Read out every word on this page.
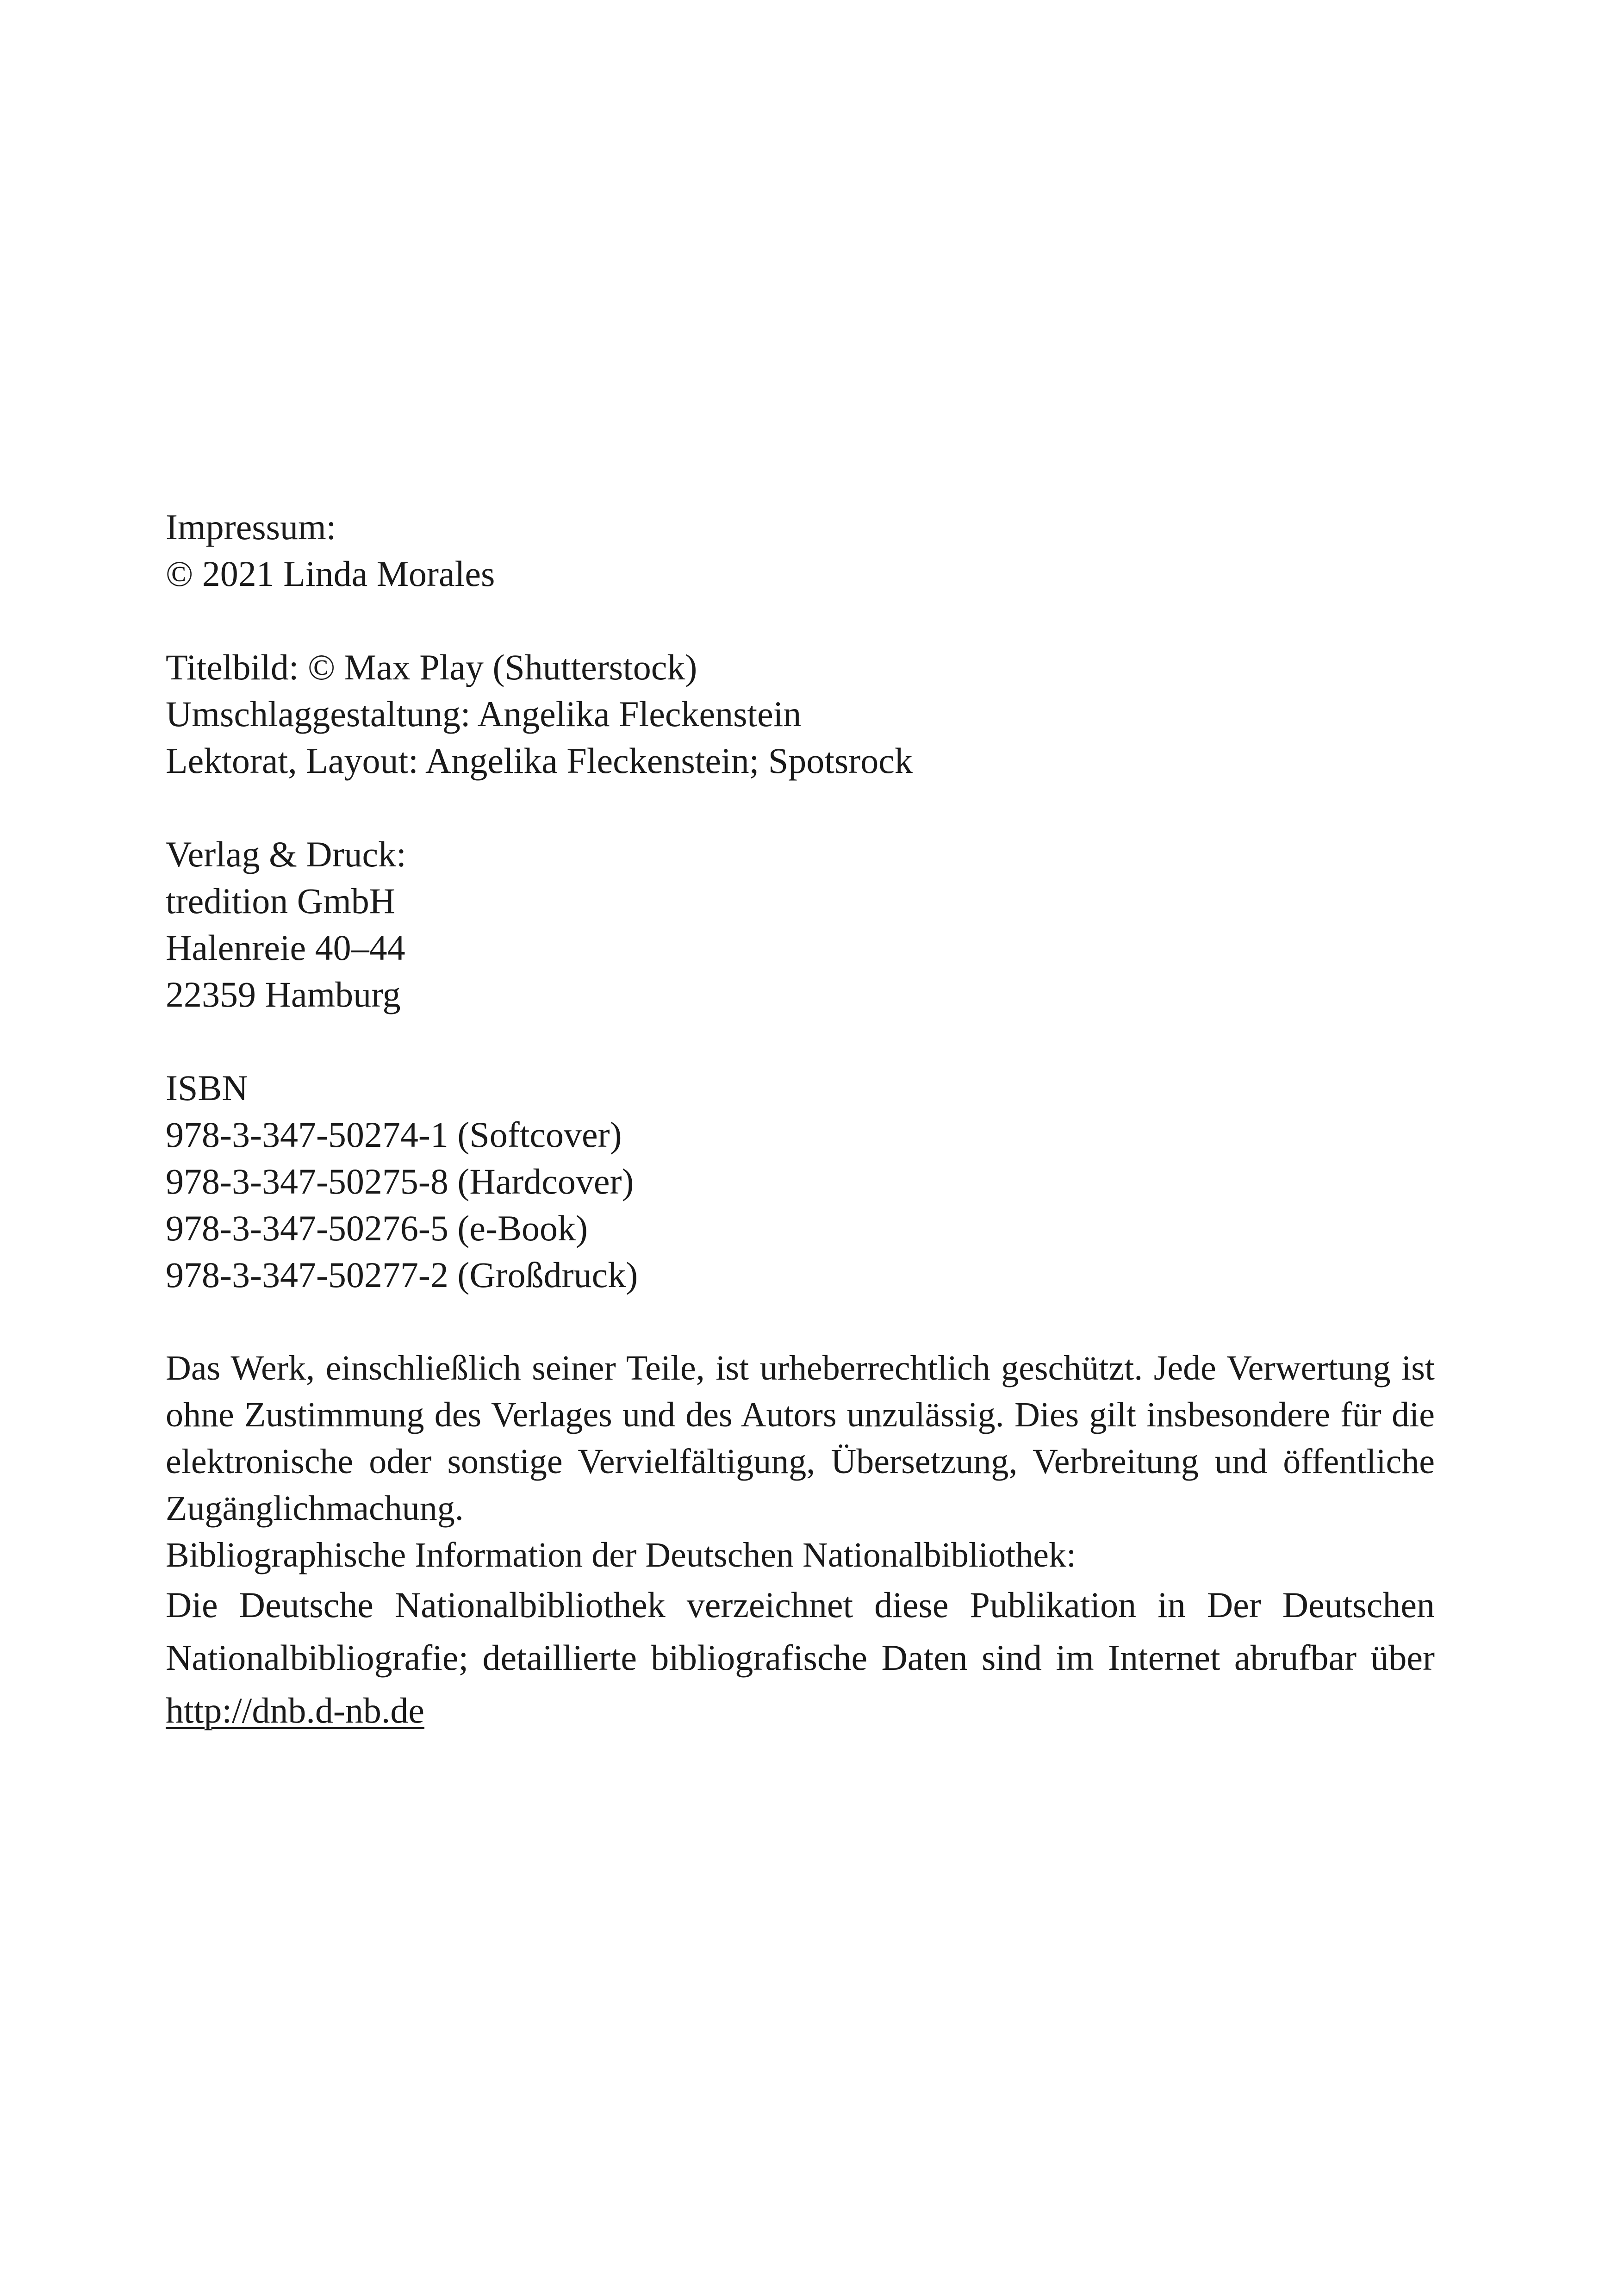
Impressum:
© 2021 Linda Morales
Titelbild: © Max Play (Shutterstock)
Umschlaggestaltung: Angelika Fleckenstein
Lektorat, Layout: Angelika Fleckenstein; Spotsrock
Verlag & Druck:
tredition GmbH
Halenreie 40–44
22359 Hamburg
ISBN
978-3-347-50274-1 (Softcover)
978-3-347-50275-8 (Hardcover)
978-3-347-50276-5 (e-Book)
978-3-347-50277-2 (Großdruck)

Das Werk, einschließlich seiner Teile, ist urheberrechtlich geschützt. Jede Verwertung ist ohne Zustimmung des Verlages und des Autors unzulässig. Dies gilt insbesondere für die elektronische oder sonstige Vervielfältigung, Übersetzung, Verbreitung und öffentliche Zugänglichmachung.

Bibliographische Information der Deutschen Nationalbibliothek:

Die Deutsche Nationalbibliothek verzeichnet diese Publikation in Der Deutschen Nationalbibliografie; detaillierte bibliografische Daten sind im Internet abrufbar über http://dnb.d-nb.de
